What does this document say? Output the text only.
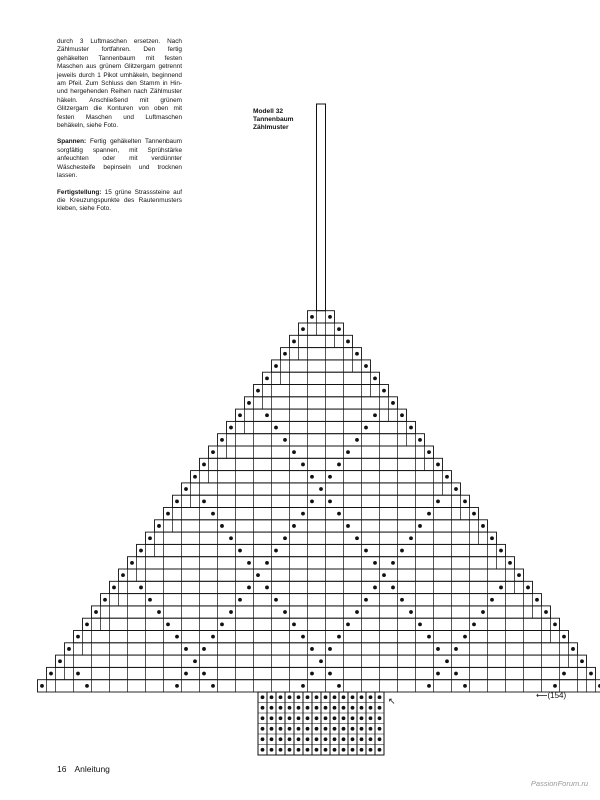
durch 3 Luftmaschen ersetzen. Nach Zählmuster fortfahren. Den fertig gehäkelten Tannenbaum mit festen Maschen aus grünem Glitzergarn getrennt jeweils durch 1 Pikot umhäkeln, beginnend am Pfeil. Zum Schluss den Stamm in Hin- und hergehenden Reihen nach Zählmuster häkeln. Anschließend mit grünem Glitzergarn die Konturen von oben mit festen Maschen und Luftmaschen behäkeln, siehe Foto.

Spannen: Fertig gehäkelten Tannenbaum sorgfältig spannen, mit Sprühstärke anfeuchten oder mit verdünnter Wäschesteife bepinseln und trocknen lassen.

Fertigstellung: 15 grüne Strasssteine auf die Kreuzungspunkte des Rautenmusters kleben, siehe Foto.

Modell 32
Tannenbaum
Zählmuster
↖
⟵(154)
16 Anleitung
PassionForum.ru
